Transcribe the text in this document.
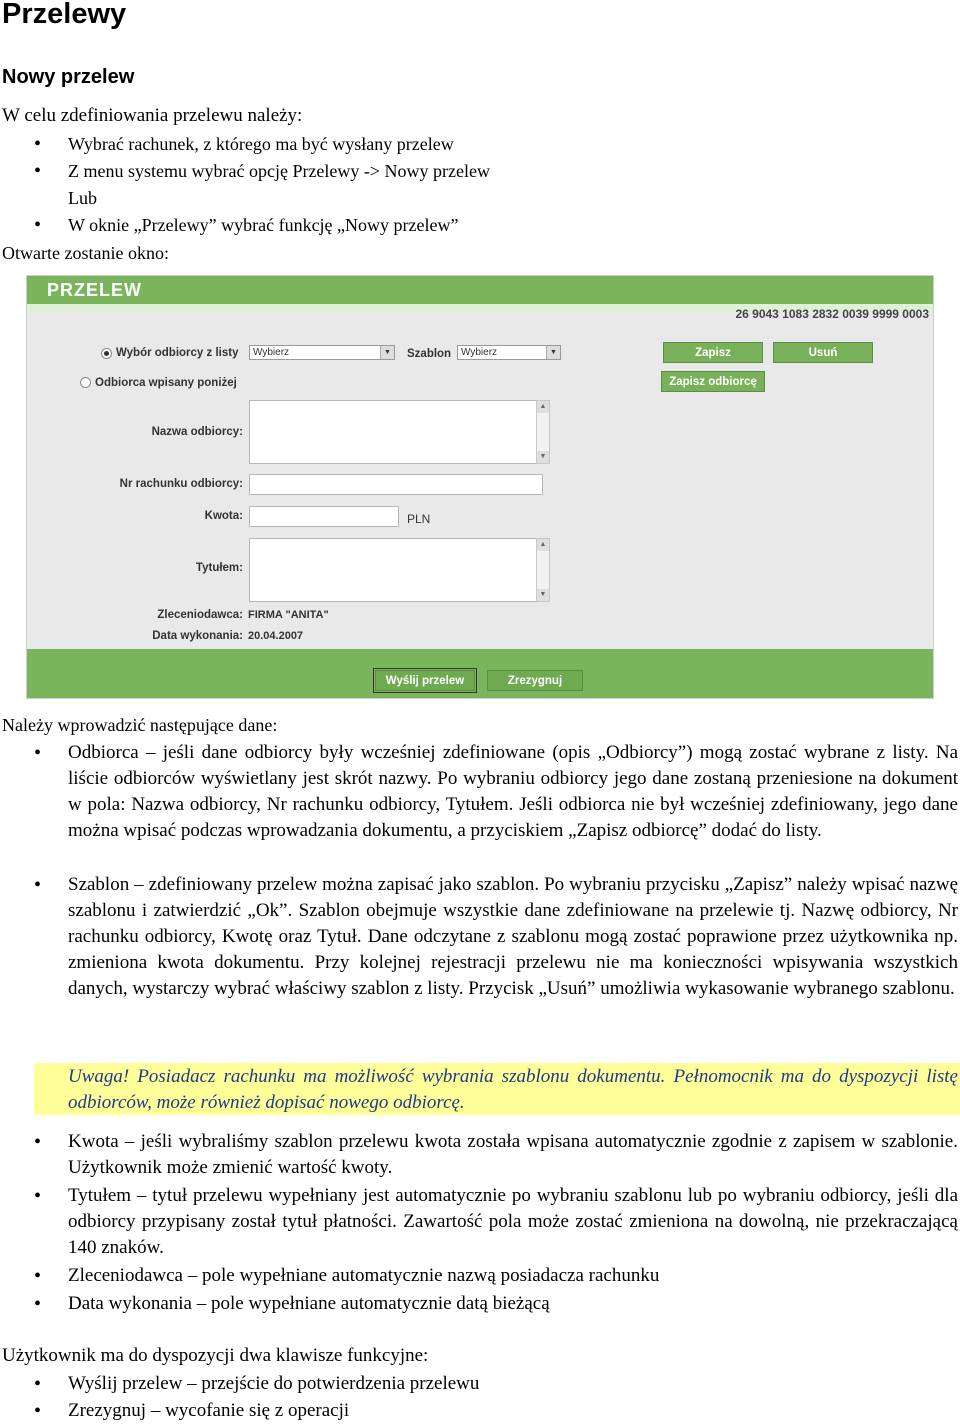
Przelewy
Nowy przelew
W celu zdefiniowania przelewu należy:
• Wybrać rachunek, z którego ma być wysłany przelew
• Z menu systemu wybrać opcję Przelewy -> Nowy przelew
Lub
• W oknie „Przelewy” wybrać funkcję „Nowy przelew”
Otwarte zostanie okno:
PRZELEW
26 9043 1083 2832 0039 9999 0003
Wybór odbiorcy z listy	Wybierz	▼ Szablon Wybierz	▼	Zapisz	Usuń
Odbiorca wpisany poniżej	Zapisz odbiorcę
Nazwa odbiorcy:
▲
▼
Nr rachunku odbiorcy:
Kwota:	PLN
Tytułem:
▲
▼
Zleceniodawca: FIRMA "ANITA"
Data wykonania: 20.04.2007
Wyślij przelew	Zrezygnuj
Należy wprowadzić następujące dane:
• Odbiorca – jeśli dane odbiorcy były wcześniej zdefiniowane (opis „Odbiorcy”) mogą zostać wybrane z listy. Na liście odbiorców wyświetlany jest skrót nazwy. Po wybraniu odbiorcy jego dane zostaną przeniesione na dokument w pola: Nazwa odbiorcy, Nr rachunku odbiorcy, Tytułem. Jeśli odbiorca nie był wcześniej zdefiniowany, jego dane można wpisać podczas wprowadzania dokumentu, a przyciskiem „Zapisz odbiorcę” dodać do listy.
• Szablon – zdefiniowany przelew można zapisać jako szablon. Po wybraniu przycisku „Zapisz” należy wpisać nazwę szablonu i zatwierdzić „Ok”. Szablon obejmuje wszystkie dane zdefiniowane na przelewie tj. Nazwę odbiorcy, Nr rachunku odbiorcy, Kwotę oraz Tytuł. Dane odczytane z szablonu mogą zostać poprawione przez użytkownika np. zmieniona kwota dokumentu. Przy kolejnej rejestracji przelewu nie ma konieczności wpisywania wszystkich danych, wystarczy wybrać właściwy szablon z listy. Przycisk „Usuń” umożliwia wykasowanie wybranego szablonu.
Uwaga! Posiadacz rachunku ma możliwość wybrania szablonu dokumentu. Pełnomocnik ma do dyspozycji listę odbiorców, może również dopisać nowego odbiorcę.
• Kwota – jeśli wybraliśmy szablon przelewu kwota została wpisana automatycznie zgodnie z zapisem w szablonie. Użytkownik może zmienić wartość kwoty.
• Tytułem – tytuł przelewu wypełniany jest automatycznie po wybraniu szablonu lub po wybraniu odbiorcy, jeśli dla odbiorcy przypisany został tytuł płatności. Zawartość pola może zostać zmieniona na dowolną, nie przekraczającą 140 znaków.
• Zleceniodawca – pole wypełniane automatycznie nazwą posiadacza rachunku
• Data wykonania – pole wypełniane automatycznie datą bieżącą
Użytkownik ma do dyspozycji dwa klawisze funkcyjne:
• Wyślij przelew – przejście do potwierdzenia przelewu
• Zrezygnuj – wycofanie się z operacji
